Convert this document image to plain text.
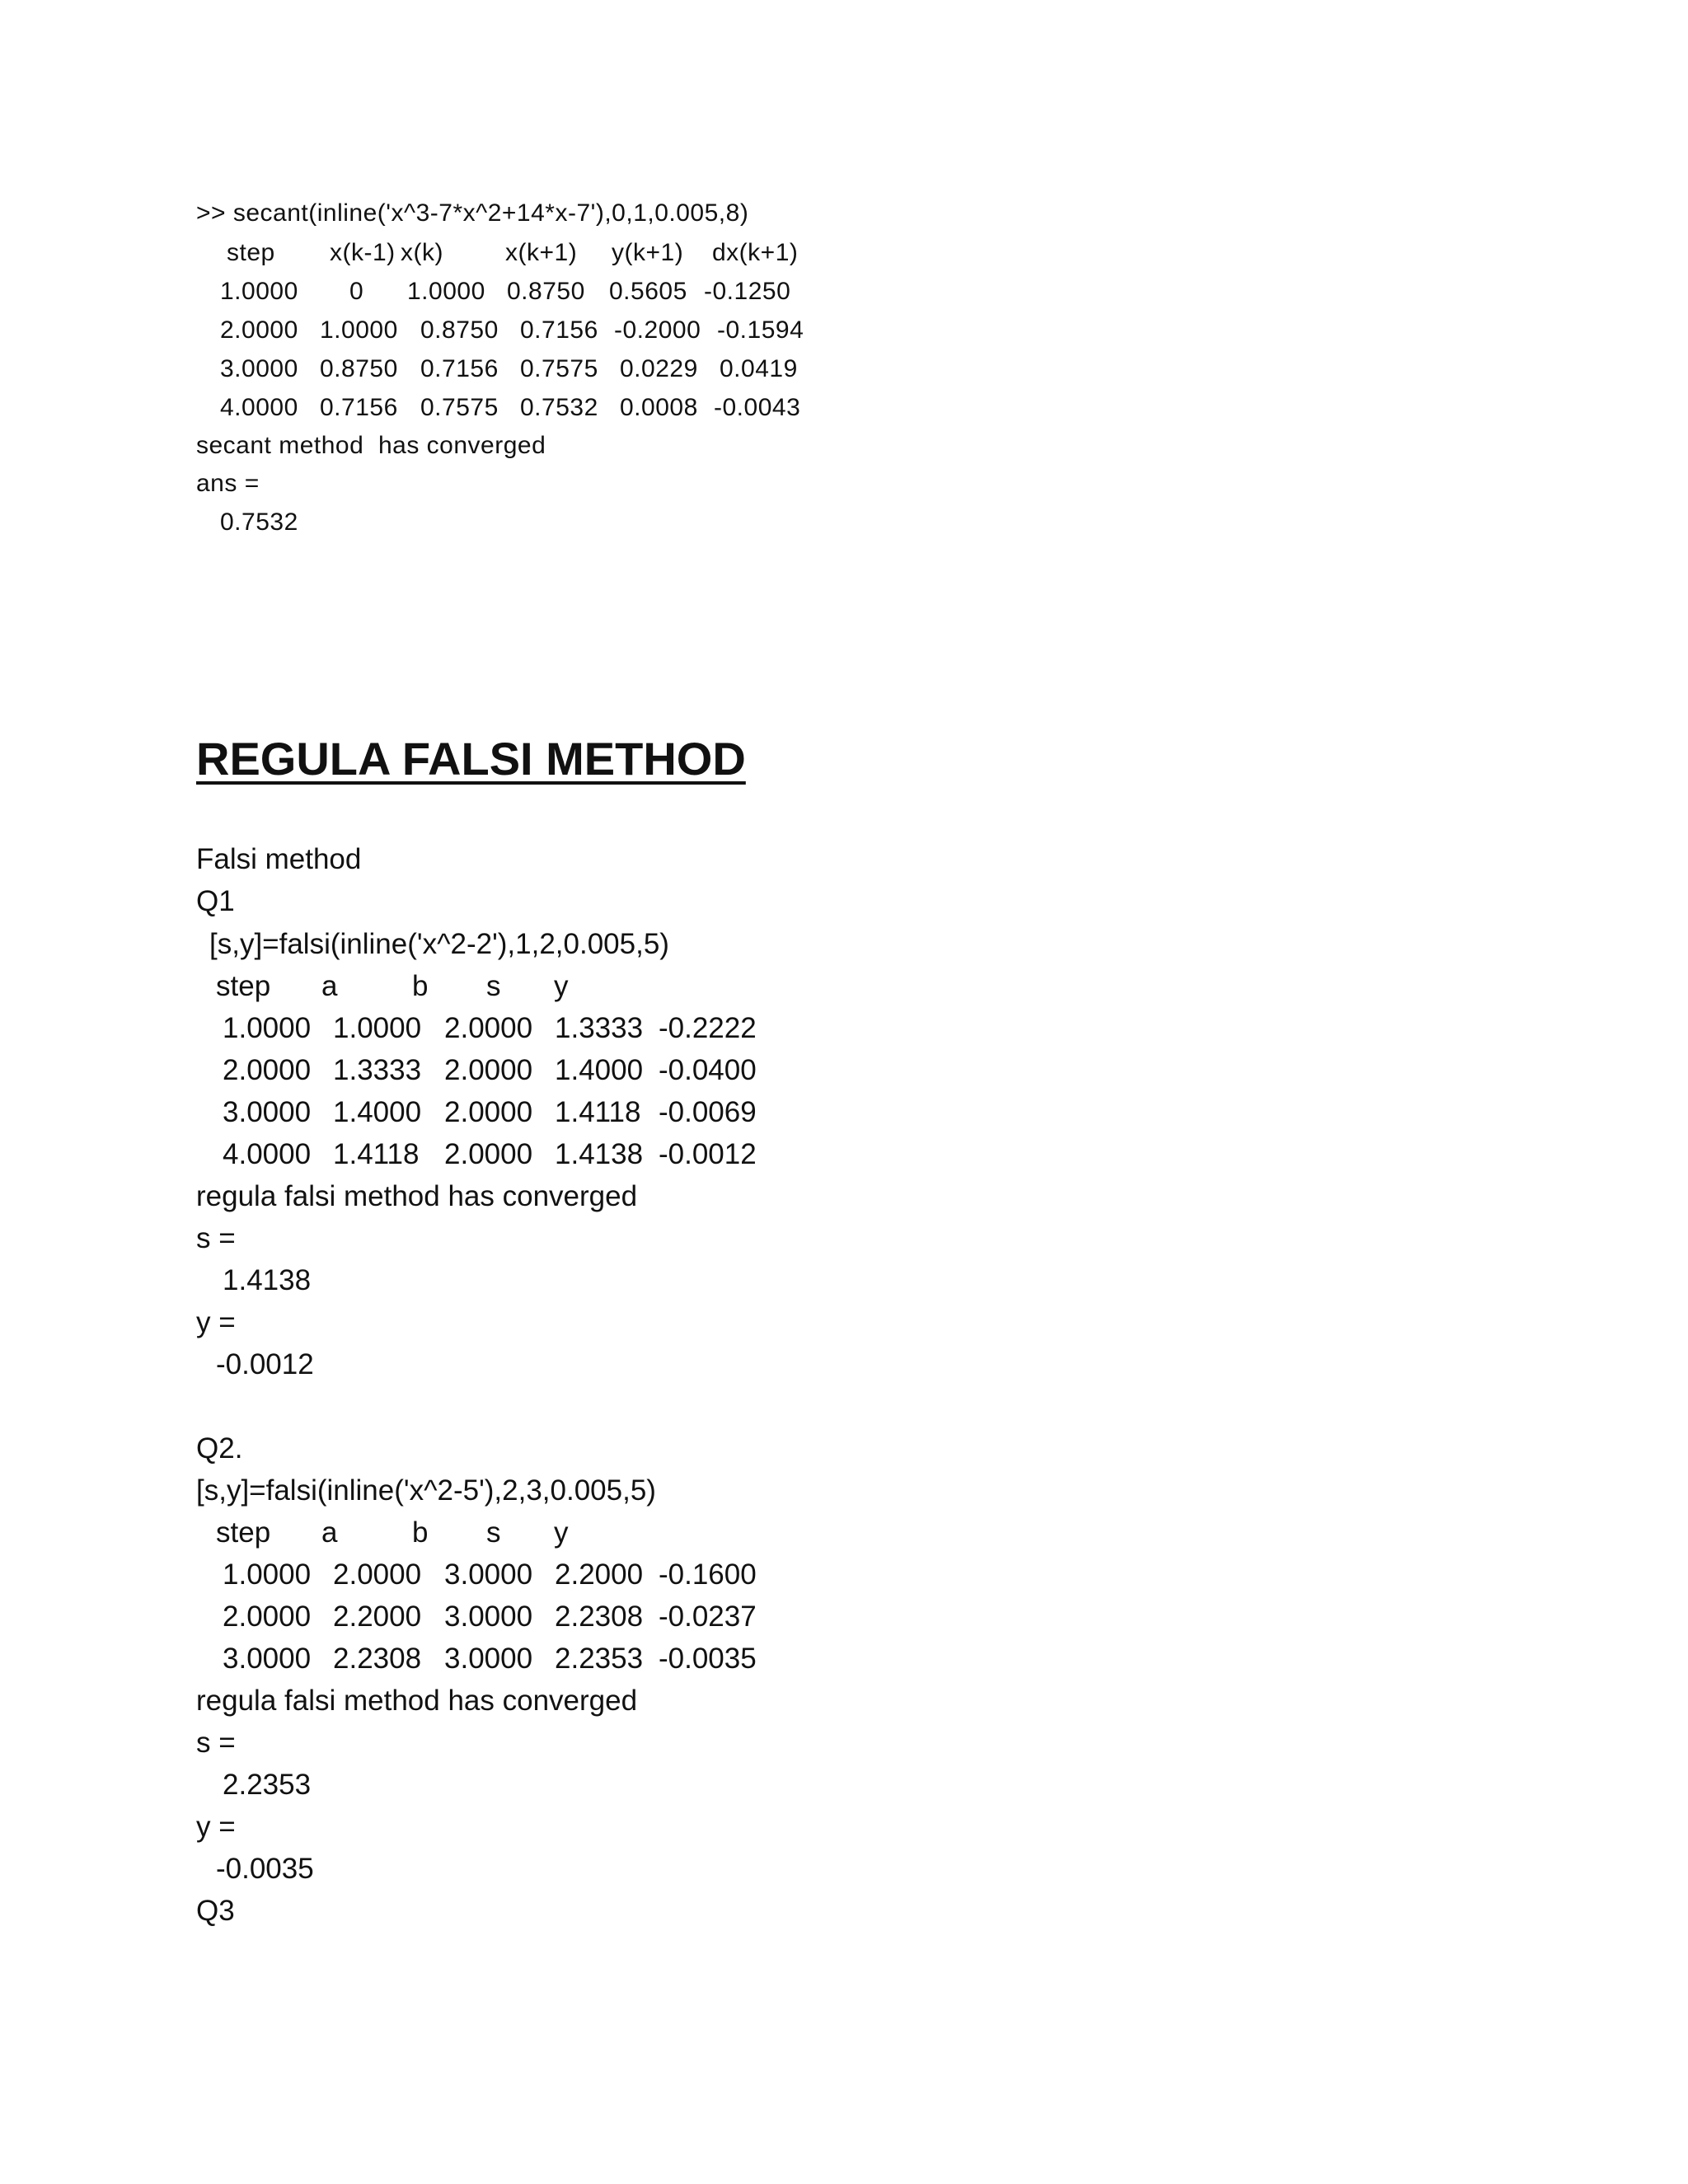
>> secant(inline('x^3-7*x^2+14*x-7'),0,1,0.005,8)
step x(k-1) x(k)	x(k+1) y(k+1) dx(k+1)
1.0000 0 1.0000 0.8750 0.5605 -0.1250
2.0000 1.0000 0.8750 0.7156 -0.2000 -0.1594
3.0000 0.8750 0.7156 0.7575 0.0229 0.0419
4.0000 0.7156 0.7575 0.7532 0.0008 -0.0043
secant method  has converged
ans =
0.7532
REGULA FALSI METHOD
Falsi method
Q1
[s,y]=falsi(inline('x^2-2'),1,2,0.005,5)
step a	b s y
1.0000 1.0000 2.0000 1.3333 -0.2222
2.0000 1.3333 2.0000 1.4000 -0.0400
3.0000 1.4000 2.0000 1.4118 -0.0069
4.0000 1.4118 2.0000 1.4138 -0.0012
regula falsi method has converged
s =
1.4138
y =
-0.0012
Q2.
[s,y]=falsi(inline('x^2-5'),2,3,0.005,5)
step a	b s y
1.0000 2.0000 3.0000 2.2000 -0.1600
2.0000 2.2000 3.0000 2.2308 -0.0237
3.0000 2.2308 3.0000 2.2353 -0.0035
regula falsi method has converged
s =
2.2353
y =
-0.0035
Q3
